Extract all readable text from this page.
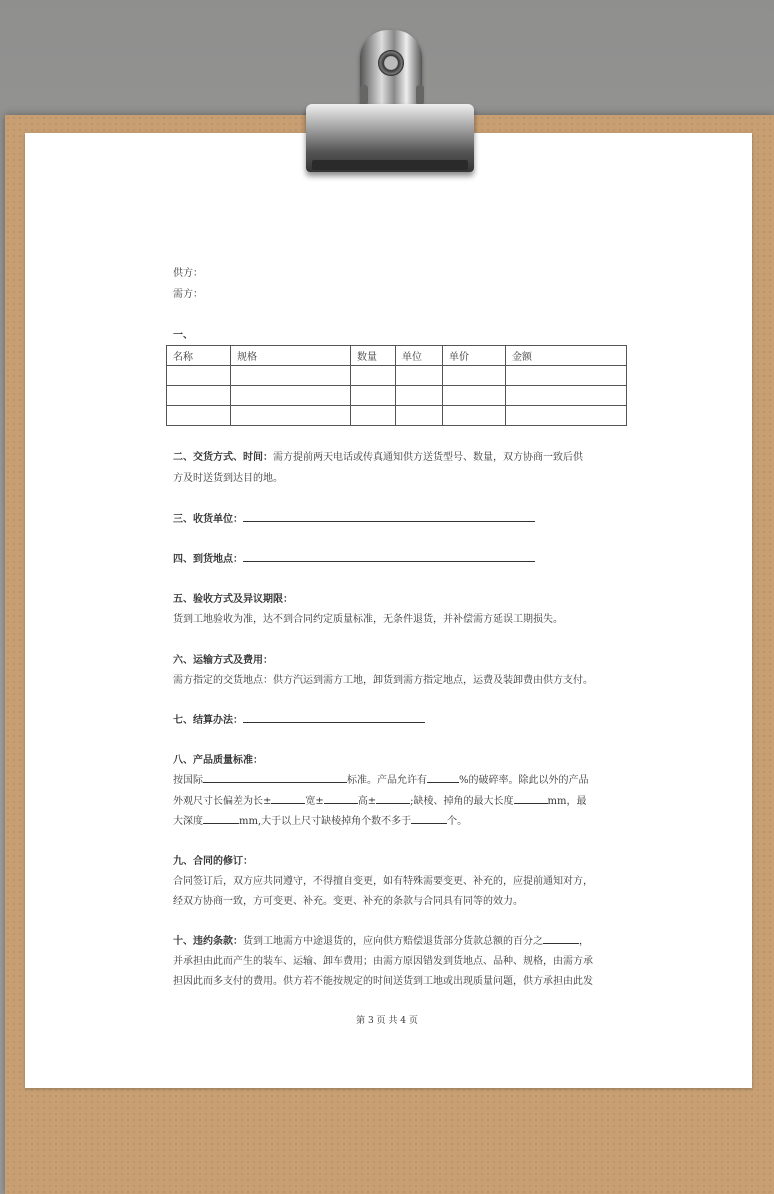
供方：
需方：
一、
名称	规格	数量	单位	单价	金额

二、交货方式、时间：需方提前两天电话或传真通知供方送货型号、数量，双方协商一致后供
方及时送货到达目的地。
三、收货单位：
四、到货地点：
五、验收方式及异议期限：
货到工地验收为准，达不到合同约定质量标准，无条件退货，并补偿需方延误工期损失。
六、运输方式及费用：
需方指定的交货地点：供方汽运到需方工地，卸货到需方指定地点，运费及装卸费由供方支付。
七、结算办法：
八、产品质量标准：
按国际	标准。产品允许有	%的破碎率。除此以外的产品
外观尺寸长偏差为长±	宽±	高±	;缺棱、掉角的最大长度	mm，最
大深度	mm,大于以上尺寸缺棱掉角个数不多于	个。
九、合同的修订：
合同签订后，双方应共同遵守，不得擅自变更，如有特殊需要变更、补充的，应提前通知对方，
经双方协商一致，方可变更、补充。变更、补充的条款与合同具有同等的效力。
十、违约条款：货到工地需方中途退货的，应向供方赔偿退货部分货款总额的百分之	，
并承担由此而产生的装车、运输、卸车费用；由需方原因错发到货地点、品种、规格，由需方承
担因此而多支付的费用。供方若不能按规定的时间送货到工地或出现质量问题，供方承担由此发
第 3 页 共 4 页
